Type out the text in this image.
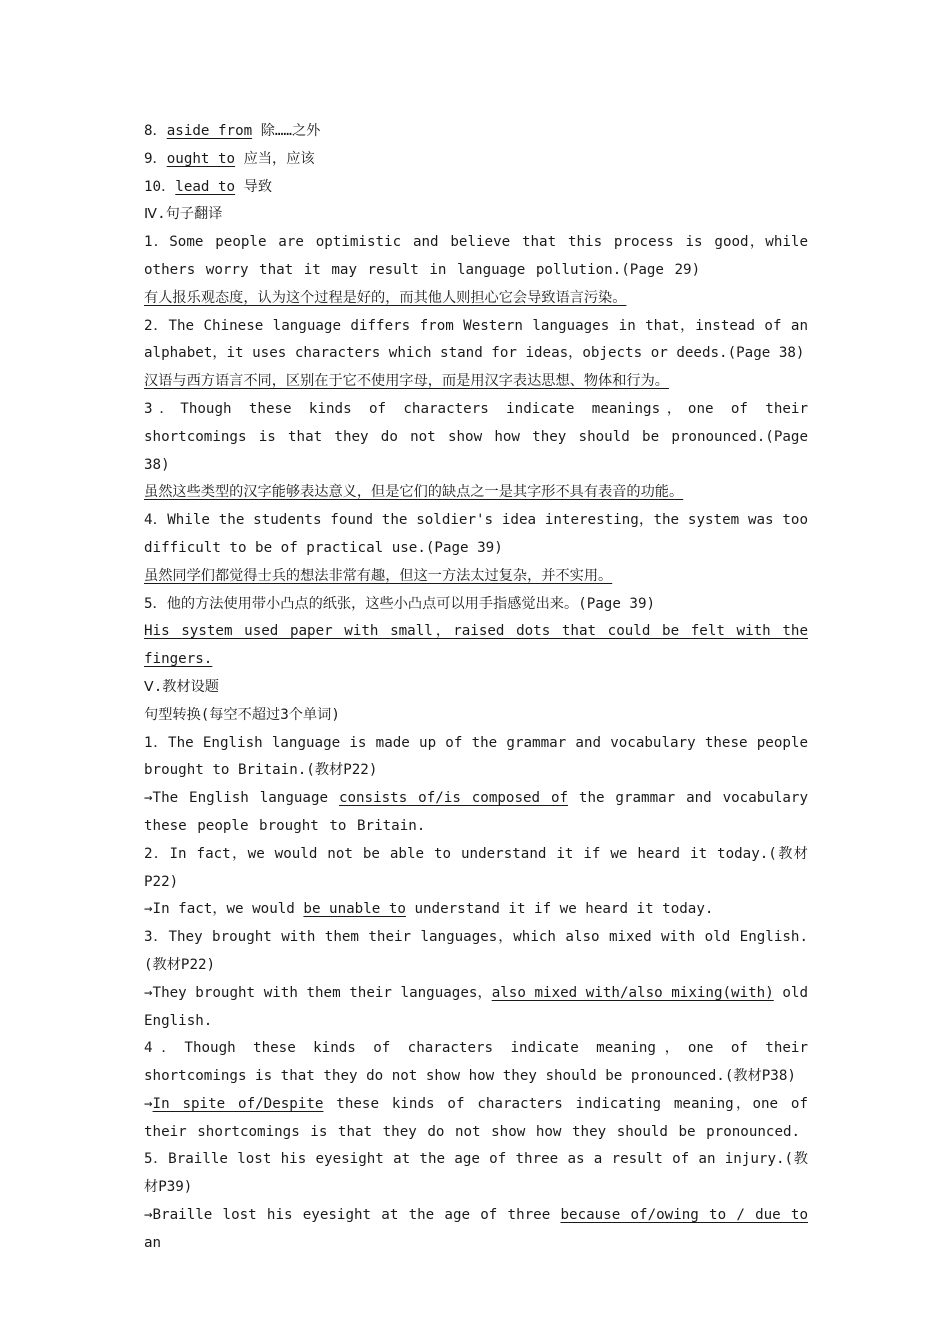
8．aside from 除……之外

9．ought to 应当，应该

10．lead to 导致

Ⅳ.句子翻译

1．Some people are optimistic and believe that this process is good，while others worry that it may result in language pollution.(Page 29)

有人报乐观态度，认为这个过程是好的，而其他人则担心它会导致语言污染。

2．The Chinese language differs from Western languages in that，instead of an alphabet，it uses characters which stand for ideas，objects or deeds.(Page 38)

汉语与西方语言不同，区别在于它不使用字母，而是用汉字表达思想、物体和行为。

3．Though these kinds of characters indicate meanings，one of their shortcomings is that they do not show how they should be pronounced.(Page 38)

虽然这些类型的汉字能够表达意义，但是它们的缺点之一是其字形不具有表音的功能。

4．While the students found the soldier's idea interesting，the system was too difficult to be of practical use.(Page 39)

虽然同学们都觉得士兵的想法非常有趣，但这一方法太过复杂，并不实用。

5．他的方法使用带小凸点的纸张，这些小凸点可以用手指感觉出来。(Page 39)

His system used paper with small，raised dots that could be felt with the fingers.

Ⅴ.教材设题

句型转换(每空不超过3个单词)

1．The English language is made up of the grammar and vocabulary these people brought to Britain.(教材P22)

→The English language consists of/is composed of the grammar and vocabulary these people brought to Britain.

2．In fact，we would not be able to understand it if we heard it today.(教材P22)

→In fact，we would be unable to understand it if we heard it today.

3．They brought with them their languages，which also mixed with old English.(教材P22)

→They brought with them their languages，also mixed with/also mixing(with) old English.

4．Though these kinds of characters indicate meaning，one of their shortcomings is that they do not show how they should be pronounced.(教材P38)

→In spite of/Despite these kinds of characters indicating meaning，one of their shortcomings is that they do not show how they should be pronounced.

5．Braille lost his eyesight at the age of three as a result of an injury.(教材P39)

→Braille lost his eyesight at the age of three because of/owing to / due to an
